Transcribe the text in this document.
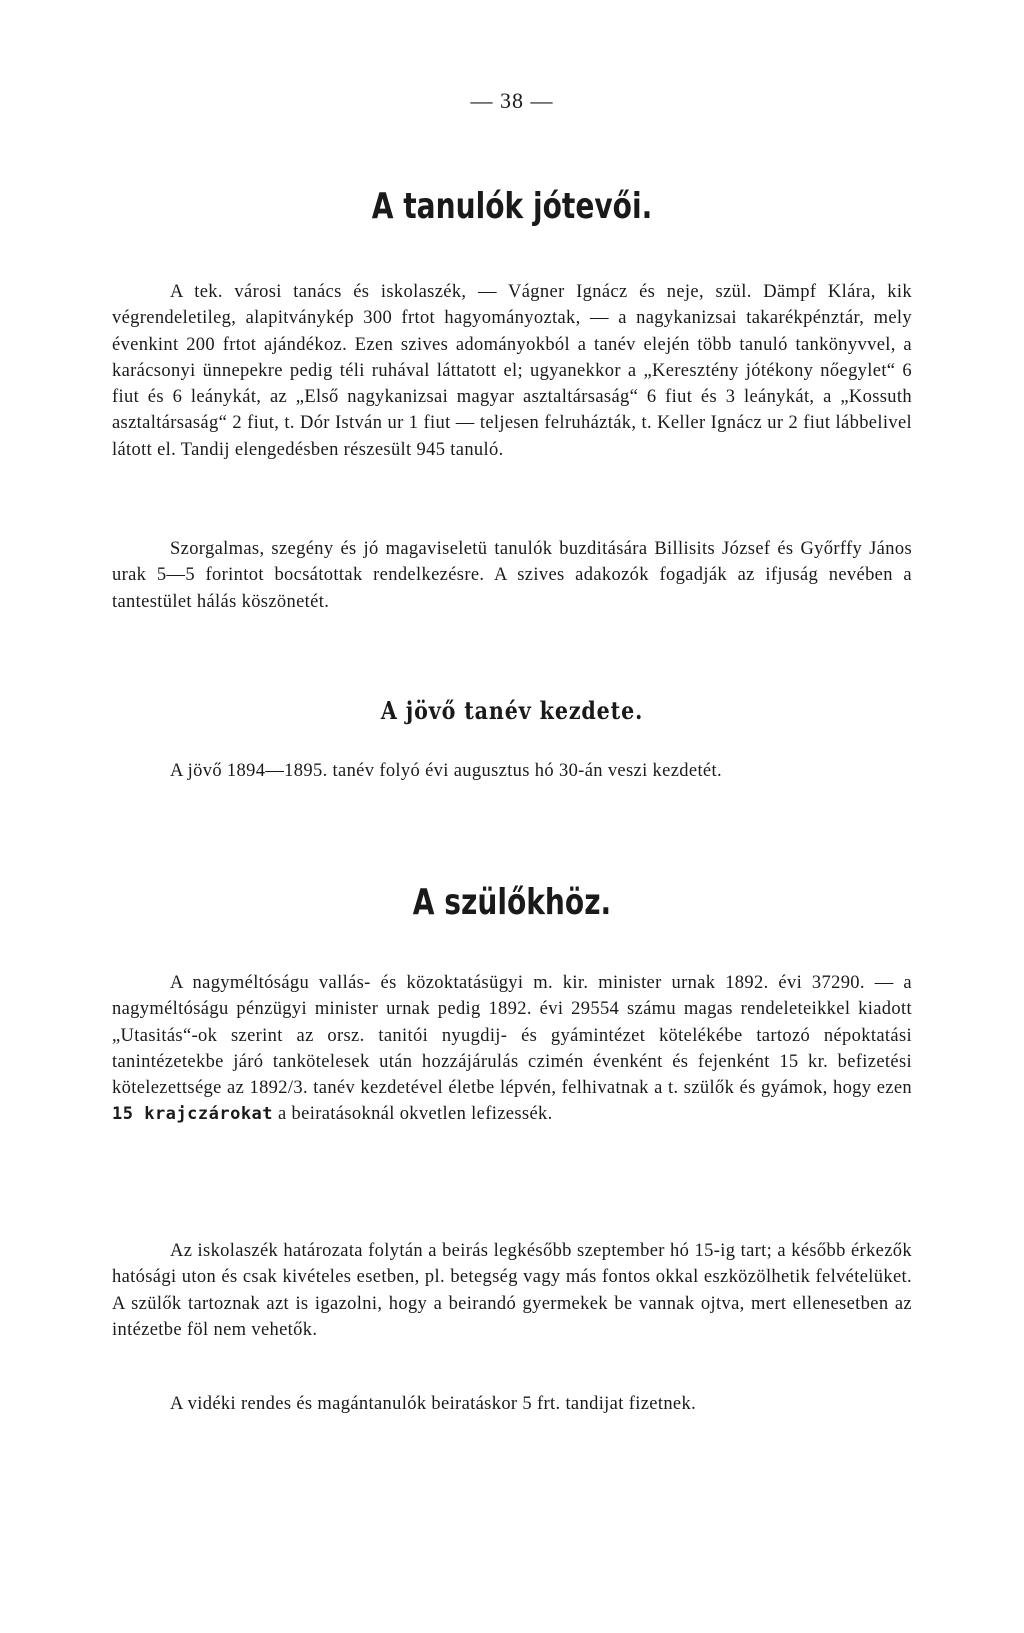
— 38 —
A tanulók jótevői.

A tek. városi tanács és iskolaszék, — Vágner Ignácz és neje, szül. Dämpf Klára, kik végrendeletileg, alapitványkép 300 frtot hagyományoztak, — a nagykanizsai takarékpénztár, mely évenkint 200 frtot ajándékoz. Ezen szives adományokból a tanév elején több tanuló tankönyvvel, a karácsonyi ünnepekre pedig téli ruhával láttatott el; ugyanekkor a „Keresztény jótékony nőegylet“ 6 fiut és 6 leánykát, az „Első nagykanizsai magyar asztaltársaság“ 6 fiut és 3 leánykát, a „Kossuth asztaltársaság“ 2 fiut, t. Dór István ur 1 fiut — teljesen felruházták, t. Keller Ignácz ur 2 fiut lábbelivel látott el. Tandij elengedésben részesült 945 tanuló.

Szorgalmas, szegény és jó magaviseletü tanulók buzditására Billisits József és Győrffy János urak 5—5 forintot bocsátottak rendelkezésre. A szives adakozók fogadják az ifjuság nevében a tantestület hálás köszönetét.

A jövő tanév kezdete.

A jövő 1894—1895. tanév folyó évi augusztus hó 30-án veszi kezdetét.

A szülőkhöz.

A nagyméltóságu vallás- és közoktatásügyi m. kir. minister urnak 1892. évi 37290. — a nagyméltóságu pénzügyi minister urnak pedig 1892. évi 29554 számu magas rendeleteikkel kiadott „Utasitás“-ok szerint az orsz. tanitói nyugdij- és gyámintézet kötelékébe tartozó népoktatási tanintézetekbe járó tankötelesek után hozzájárulás czimén évenként és fejenként 15 kr. befizetési kötelezettsége az 1892/3. tanév kezdetével életbe lépvén, felhivatnak a t. szülők és gyámok, hogy ezen 15 krajczárokat a beiratásoknál okvetlen lefizessék.

Az iskolaszék határozata folytán a beirás legkésőbb szeptember hó 15-ig tart; a később érkezők hatósági uton és csak kivételes esetben, pl. betegség vagy más fontos okkal eszközölhetik felvételüket. A szülők tartoznak azt is igazolni, hogy a beirandó gyermekek be vannak ojtva, mert ellenesetben az intézetbe föl nem vehetők.

A vidéki rendes és magántanulók beiratáskor 5 frt. tandijat fizetnek.
